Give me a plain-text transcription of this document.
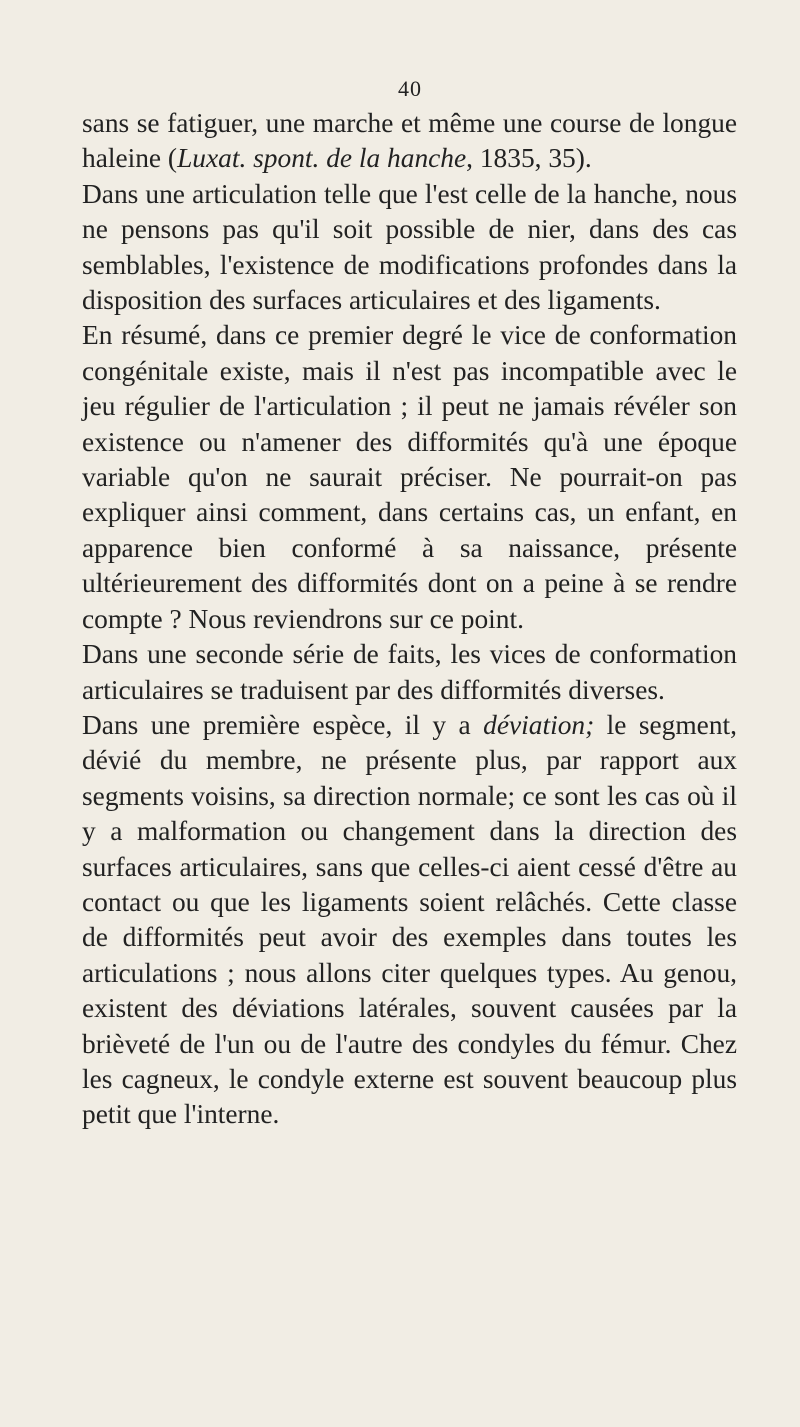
40

sans se fatiguer, une marche et même une course de longue haleine (Luxat. spont. de la hanche, 1835, 35).

Dans une articulation telle que l'est celle de la hanche, nous ne pensons pas qu'il soit possible de nier, dans des cas semblables, l'existence de modifications profondes dans la disposition des surfaces articulaires et des ligaments.

En résumé, dans ce premier degré le vice de conformation congénitale existe, mais il n'est pas incompatible avec le jeu régulier de l'articulation ; il peut ne jamais révéler son existence ou n'amener des difformités qu'à une époque variable qu'on ne saurait préciser. Ne pourrait-on pas expliquer ainsi comment, dans certains cas, un enfant, en apparence bien conformé à sa naissance, présente ultérieurement des difformités dont on a peine à se rendre compte ? Nous reviendrons sur ce point.

Dans une seconde série de faits, les vices de conformation articulaires se traduisent par des difformités diverses.

Dans une première espèce, il y a déviation; le segment, dévié du membre, ne présente plus, par rapport aux segments voisins, sa direction normale; ce sont les cas où il y a malformation ou changement dans la direction des surfaces articulaires, sans que celles-ci aient cessé d'être au contact ou que les ligaments soient relâchés. Cette classe de difformités peut avoir des exemples dans toutes les articulations ; nous allons citer quelques types. Au genou, existent des déviations latérales, souvent causées par la brièveté de l'un ou de l'autre des condyles du fémur. Chez les cagneux, le condyle externe est souvent beaucoup plus petit que l'interne.
